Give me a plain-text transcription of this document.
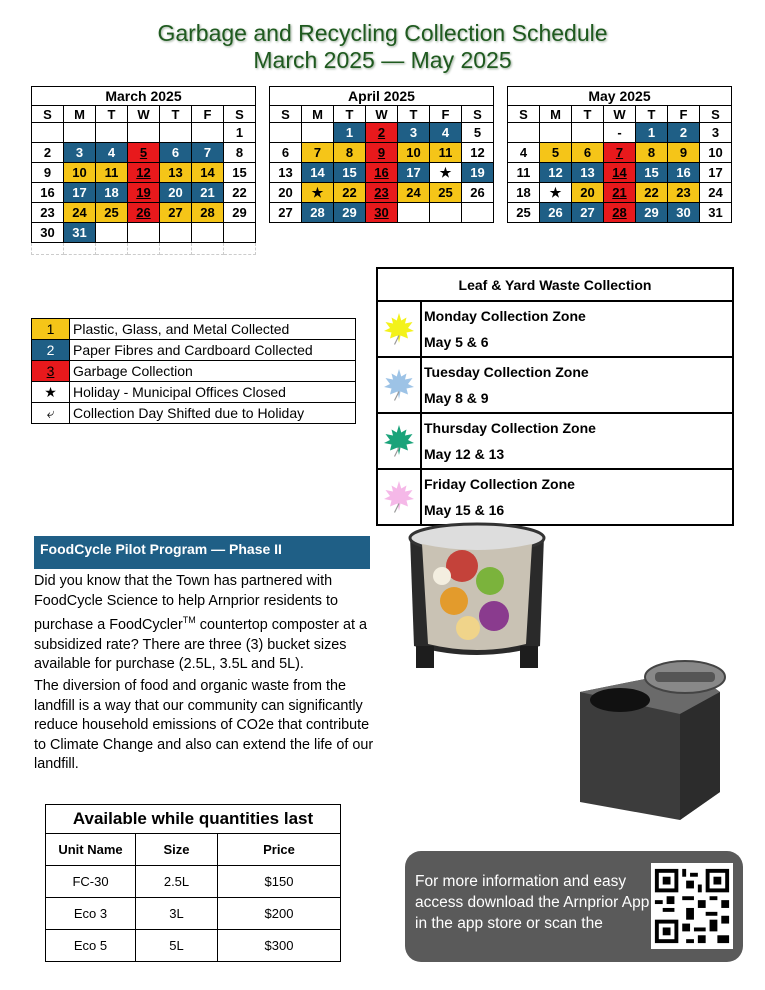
Garbage and Recycling Collection Schedule
March 2025 — May 2025
March 2025						
S	M	T	W	T	F	S
						1
2	3	4	5	6	7	8
9	10	11	12	13	14	15
16	17	18	19	20	21	22
23	24	25	26	27	28	29
30	31					

April 2025						
S	M	T	W	T	F	S
		1	2	3	4	5
6	7	8	9	10	11	12
13	14	15	16	17	★	19
20	★	22	23	24	25	26
27	28	29	30			
May 2025						
S	M	T	W	T	F	S
			-	1	2	3
4	5	6	7	8	9	10
11	12	13	14	15	16	17
18	★	20	21	22	23	24
25	26	27	28	29	30	31
1	Plastic, Glass, and Metal Collected
2	Paper Fibres and Cardboard Collected
3	Garbage Collection
★	Holiday - Municipal Offices Closed
⤶	Collection Day Shifted due to Holiday
Leaf & Yard Waste Collection	

Monday Collection Zone
May 5 & 6

Tuesday Collection Zone
May 8 & 9

Thursday Collection Zone
May 12 & 13

Friday Collection Zone
May 15 & 16
FoodCycle Pilot Program — Phase II

Did you know that the Town has partnered with FoodCycle Science to help Arnprior residents to purchase a FoodCycler™ countertop composter at a subsidized rate? There are three (3) bucket sizes available for purchase (2.5L, 3.5L and 5L).

The diversion of food and organic waste from the landfill is a way that our community can significantly reduce household emissions of CO2e that contribute to Climate Change and also can extend the life of our landfill.

Available while quantities last		
Unit Name	Size	Price
FC-30	2.5L	$150
Eco 3	3L	$200
Eco 5	5L	$300
For more information and easy access download the Arnprior App in the app store or scan the
